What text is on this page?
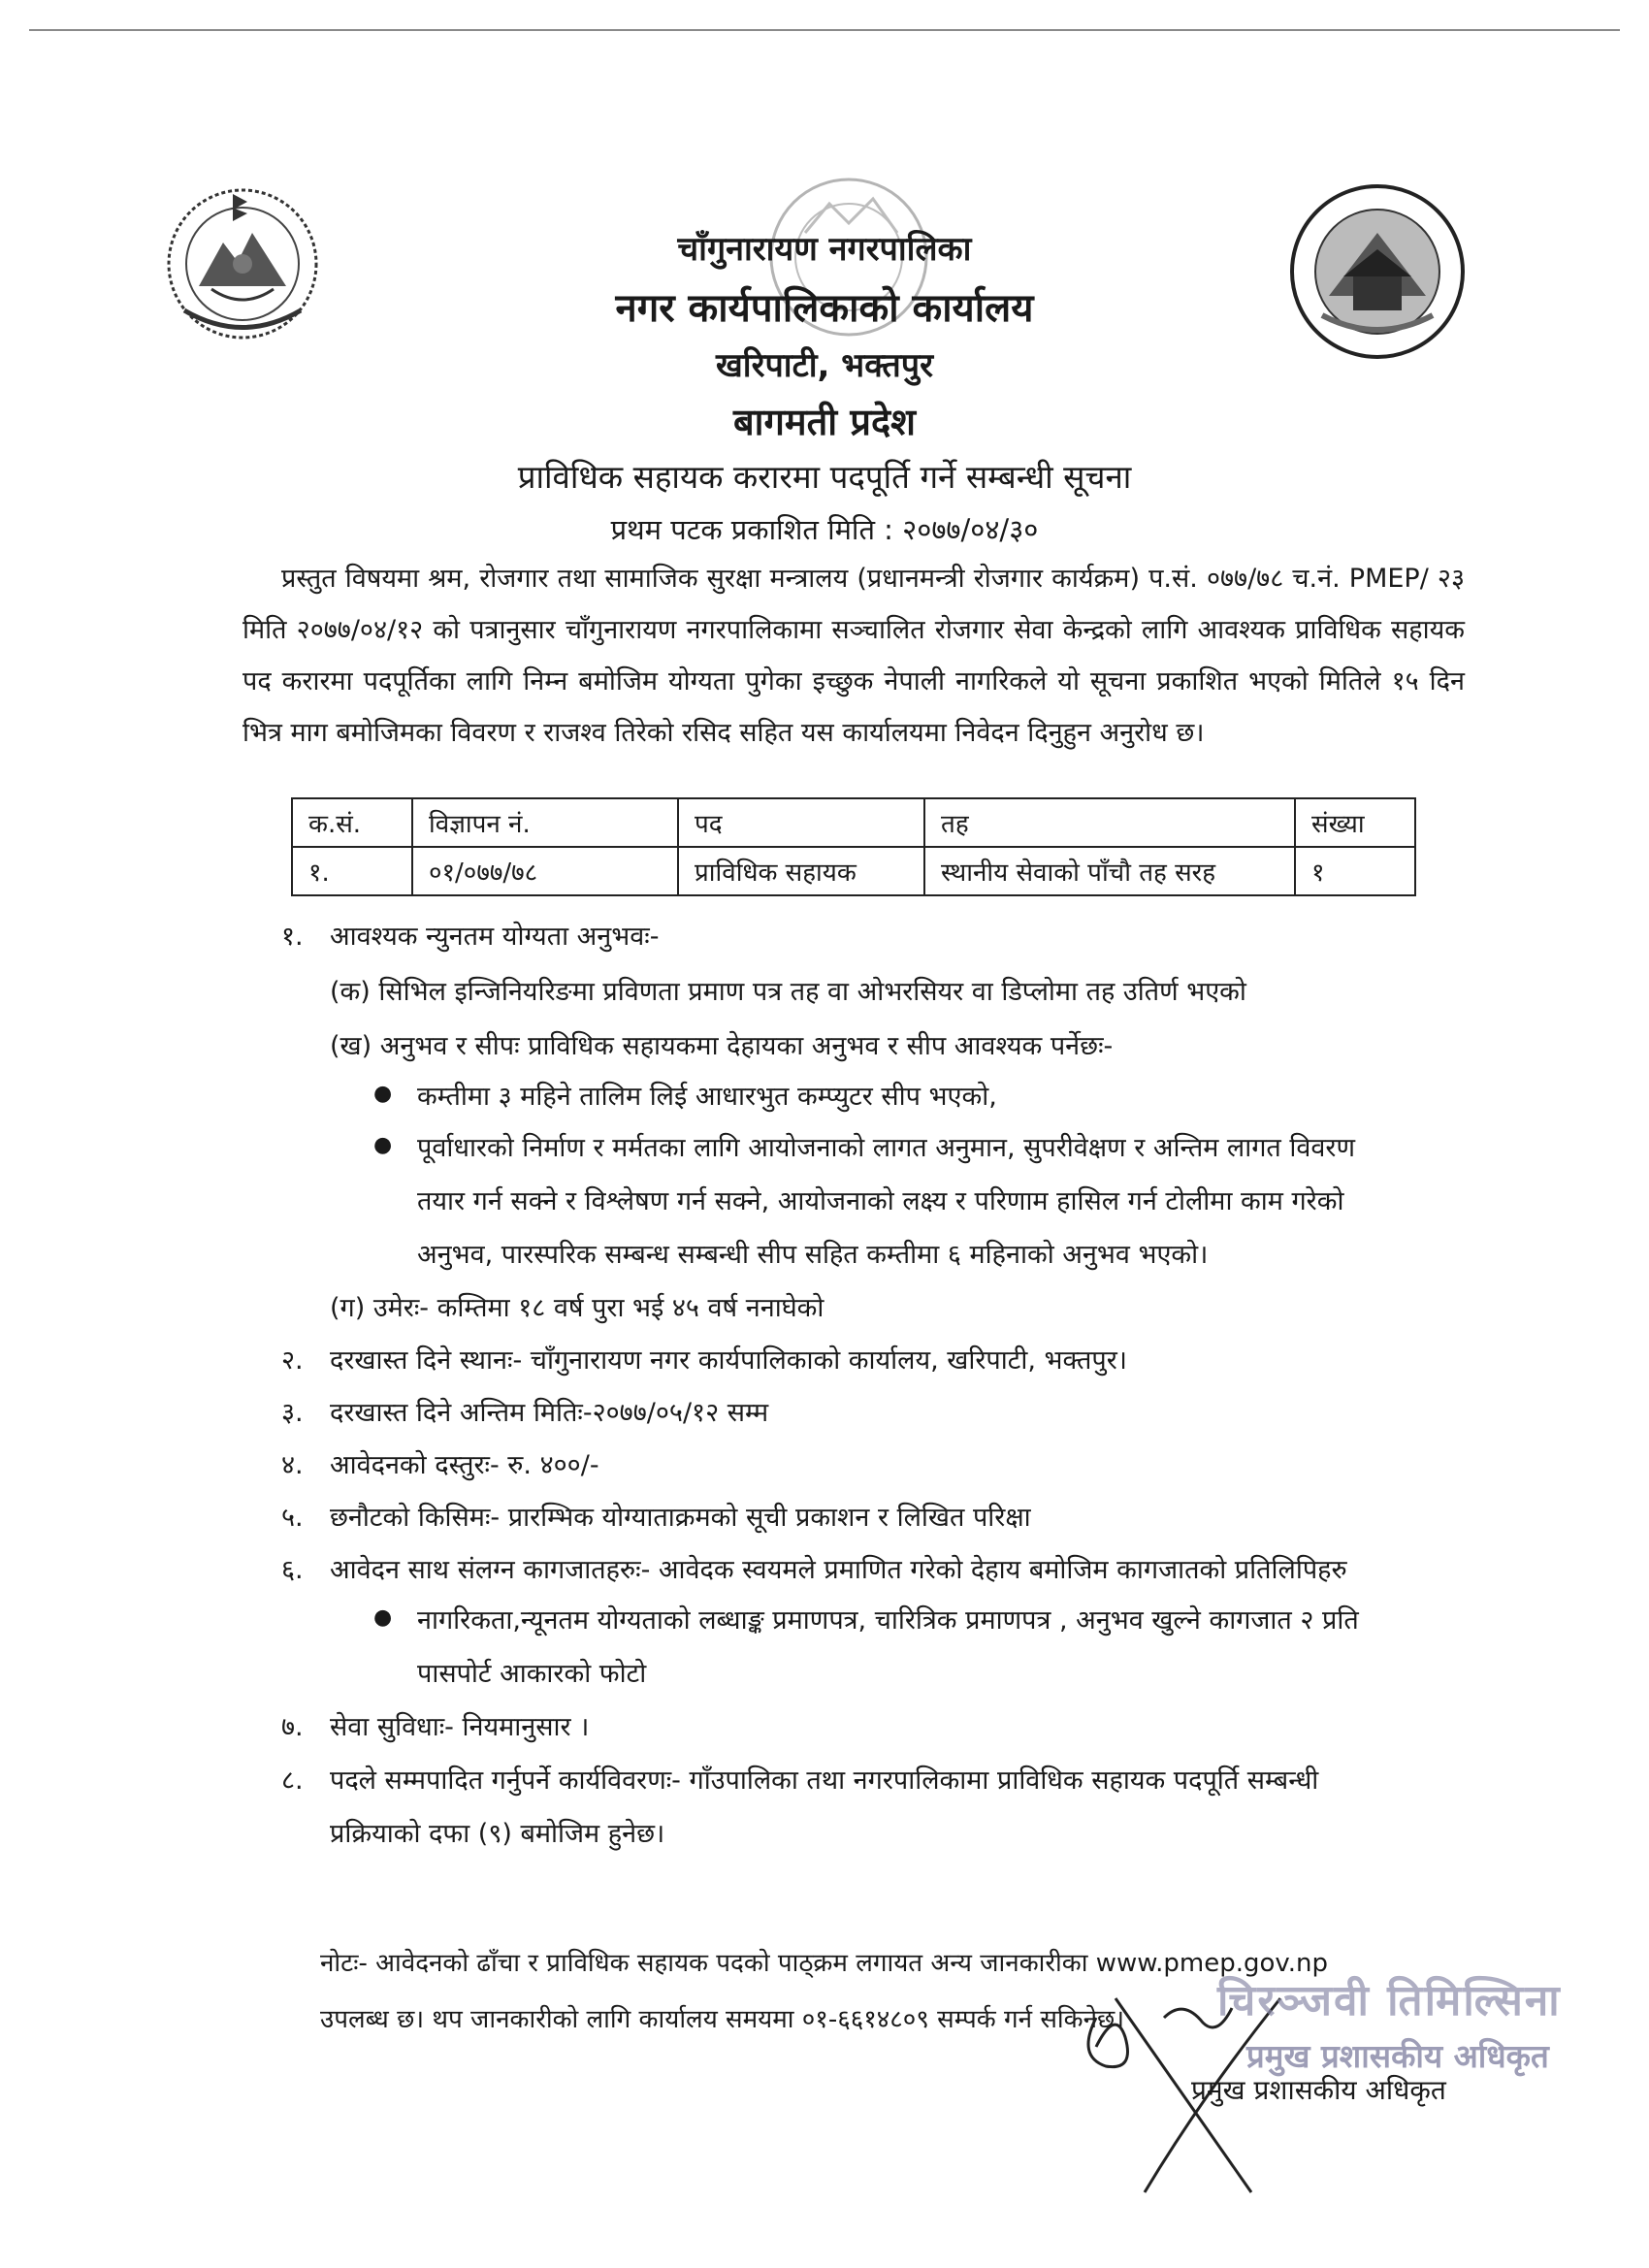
चाँगुनारायण नगरपालिका
नगर कार्यपालिकाको कार्यालय
खरिपाटी, भक्तपुर
बागमती प्रदेश
प्राविधिक सहायक करारमा पदपूर्ति गर्ने सम्बन्धी सूचना
प्रथम पटक प्रकाशित मिति : २०७७/०४/३०
प्रस्तुत विषयमा श्रम, रोजगार तथा सामाजिक सुरक्षा मन्त्रालय (प्रधानमन्त्री रोजगार कार्यक्रम) प.सं. ०७७/७८ च.नं. PMEP/ २३ मिति २०७७/०४/१२ को पत्रानुसार चाँगुनारायण नगरपालिकामा सञ्चालित रोजगार सेवा केन्द्रको लागि आवश्यक प्राविधिक सहायक पद करारमा पदपूर्तिका लागि निम्न बमोजिम योग्यता पुगेका इच्छुक नेपाली नागरिकले यो सूचना प्रकाशित भएको मितिले १५ दिन भित्र माग बमोजिमका विवरण र राजश्व तिरेको रसिद सहित यस कार्यालयमा निवेदन दिनुहुन अनुरोध छ।
क.सं.	विज्ञापन नं.	पद	तह	संख्या
१.	०१/०७७/७८	प्राविधिक सहायक	स्थानीय सेवाको पाँचौ तह सरह	१
१. आवश्यक न्युनतम योग्यता अनुभवः-
(क) सिभिल इन्जिनियरिङमा प्रविणता प्रमाण पत्र तह वा ओभरसियर वा डिप्लोमा तह उतिर्ण भएको
(ख) अनुभव र सीपः प्राविधिक सहायकमा देहायका अनुभव र सीप आवश्यक पर्नेछः-
● कम्तीमा ३ महिने तालिम लिई आधारभुत कम्प्युटर सीप भएको,
● पूर्वाधारको निर्माण र मर्मतका लागि आयोजनाको लागत अनुमान, सुपरीवेक्षण र अन्तिम लागत विवरण
तयार गर्न सक्ने र विश्लेषण गर्न सक्ने, आयोजनाको लक्ष्य र परिणाम हासिल गर्न टोलीमा काम गरेको
अनुभव, पारस्परिक सम्बन्ध सम्बन्धी सीप सहित कम्तीमा ६ महिनाको अनुभव भएको।
(ग) उमेरः- कम्तिमा १८ वर्ष पुरा भई ४५ वर्ष ननाघेको
२. दरखास्त दिने स्थानः- चाँगुनारायण नगर कार्यपालिकाको कार्यालय, खरिपाटी, भक्तपुर।
३. दरखास्त दिने अन्तिम मितिः-२०७७/०५/१२ सम्म
४. आवेदनको दस्तुरः- रु. ४००/-
५. छनौटको किसिमः- प्रारम्भिक योग्याताक्रमको सूची प्रकाशन र लिखित परिक्षा
६. आवेदन साथ संलग्न कागजातहरुः- आवेदक स्वयमले प्रमाणित गरेको देहाय बमोजिम कागजातको प्रतिलिपिहरु
● नागरिकता,न्यूनतम योग्यताको लब्धाङ्क प्रमाणपत्र, चारित्रिक प्रमाणपत्र , अनुभव खुल्ने कागजात २ प्रति
पासपोर्ट आकारको फोटो
७. सेवा सुविधाः- नियमानुसार ।
८. पदले सम्मपादित गर्नुपर्ने कार्यविवरणः- गाँउपालिका तथा नगरपालिकामा प्राविधिक सहायक पदपूर्ति सम्बन्धी
प्रक्रियाको दफा (९) बमोजिम हुनेछ।
नोटः- आवेदनको ढाँचा र प्राविधिक सहायक पदको पाठ्क्रम लगायत अन्य जानकारीका www.pmep.gov.np
उपलब्ध छ। थप जानकारीको लागि कार्यालय समयमा ०१-६६१४८०९ सम्पर्क गर्न सकिनेछ।	चिरञ्जवी तिमिल्सिना
प्रमुख प्रशासकीय अधिकृत
प्रमुख प्रशासकीय अधिकृत
